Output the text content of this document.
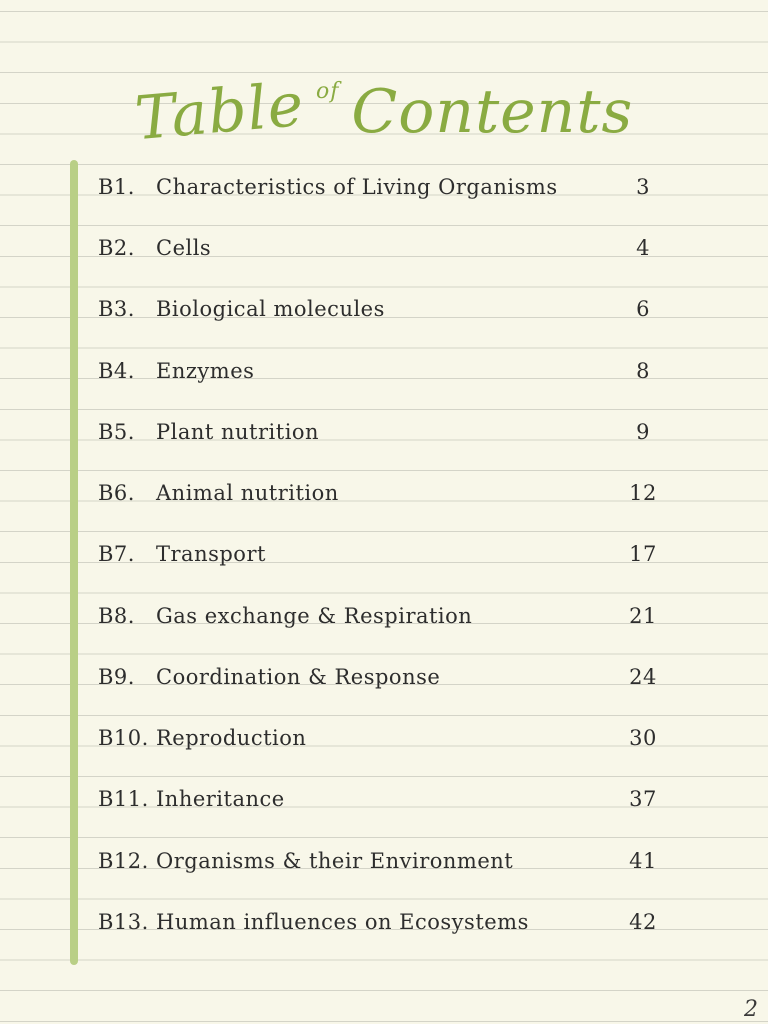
Table $^{of}$ Contents
B1. Characteristics of Living Organisms	3
B2. Cells	4
B3. Biological molecules	6
B4. Enzymes	8
B5. Plant nutrition	9
B6. Animal nutrition	12
B7. Transport	17
B8. Gas exchange & Respiration	21
B9. Coordination & Response	24
B10. Reproduction	30
B11. Inheritance	37
B12. Organisms & their Environment	41
B13. Human influences on Ecosystems	42
2
